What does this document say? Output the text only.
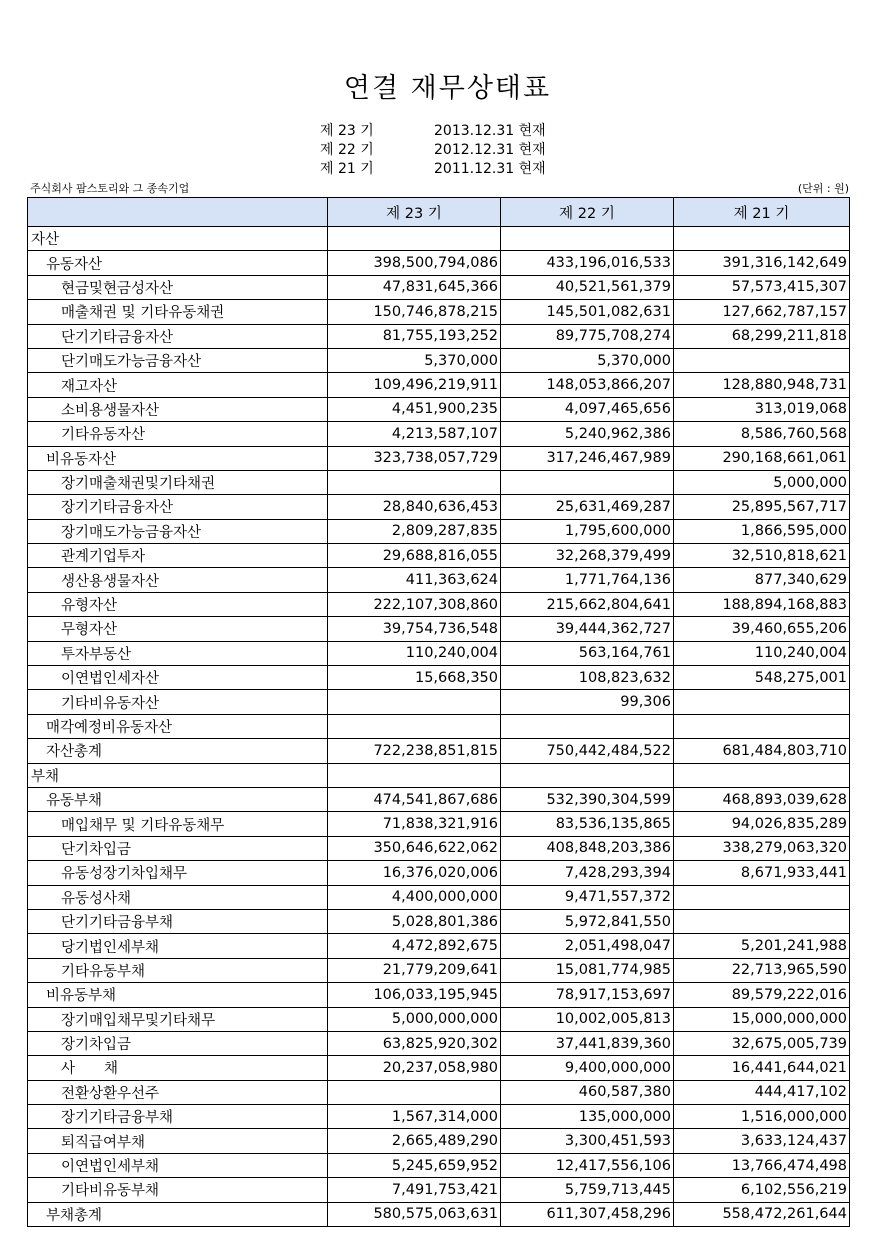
연결 재무상태표
제 23 기	2013.12.31 현재
제 22 기	2012.12.31 현재
제 21 기	2011.12.31 현재
주식회사 팜스토리와 그 종속기업	(단위 : 원)
	제 23 기	제 22 기	제 21 기
자산			
유동자산	398,500,794,086	433,196,016,533	391,316,142,649
현금및현금성자산	47,831,645,366	40,521,561,379	57,573,415,307
매출채권 및 기타유동채권	150,746,878,215	145,501,082,631	127,662,787,157
단기기타금융자산	81,755,193,252	89,775,708,274	68,299,211,818
단기매도가능금융자산	5,370,000	5,370,000	
재고자산	109,496,219,911	148,053,866,207	128,880,948,731
소비용생물자산	4,451,900,235	4,097,465,656	313,019,068
기타유동자산	4,213,587,107	5,240,962,386	8,586,760,568
비유동자산	323,738,057,729	317,246,467,989	290,168,661,061
장기매출채권및기타채권			5,000,000
장기기타금융자산	28,840,636,453	25,631,469,287	25,895,567,717
장기매도가능금융자산	2,809,287,835	1,795,600,000	1,866,595,000
관계기업투자	29,688,816,055	32,268,379,499	32,510,818,621
생산용생물자산	411,363,624	1,771,764,136	877,340,629
유형자산	222,107,308,860	215,662,804,641	188,894,168,883
무형자산	39,754,736,548	39,444,362,727	39,460,655,206
투자부동산	110,240,004	563,164,761	110,240,004
이연법인세자산	15,668,350	108,823,632	548,275,001
기타비유동자산		99,306	
매각예정비유동자산			
자산총계	722,238,851,815	750,442,484,522	681,484,803,710
부채			
유동부채	474,541,867,686	532,390,304,599	468,893,039,628
매입채무 및 기타유동채무	71,838,321,916	83,536,135,865	94,026,835,289
단기차입금	350,646,622,062	408,848,203,386	338,279,063,320
유동성장기차입채무	16,376,020,006	7,428,293,394	8,671,933,441
유동성사채	4,400,000,000	9,471,557,372	
단기기타금융부채	5,028,801,386	5,972,841,550	
당기법인세부채	4,472,892,675	2,051,498,047	5,201,241,988
기타유동부채	21,779,209,641	15,081,774,985	22,713,965,590
비유동부채	106,033,195,945	78,917,153,697	89,579,222,016
장기매입채무및기타채무	5,000,000,000	10,002,005,813	15,000,000,000
장기차입금	63,825,920,302	37,441,839,360	32,675,005,739
사　　채	20,237,058,980	9,400,000,000	16,441,644,021
전환상환우선주		460,587,380	444,417,102
장기기타금융부채	1,567,314,000	135,000,000	1,516,000,000
퇴직급여부채	2,665,489,290	3,300,451,593	3,633,124,437
이연법인세부채	5,245,659,952	12,417,556,106	13,766,474,498
기타비유동부채	7,491,753,421	5,759,713,445	6,102,556,219
부채총계	580,575,063,631	611,307,458,296	558,472,261,644
